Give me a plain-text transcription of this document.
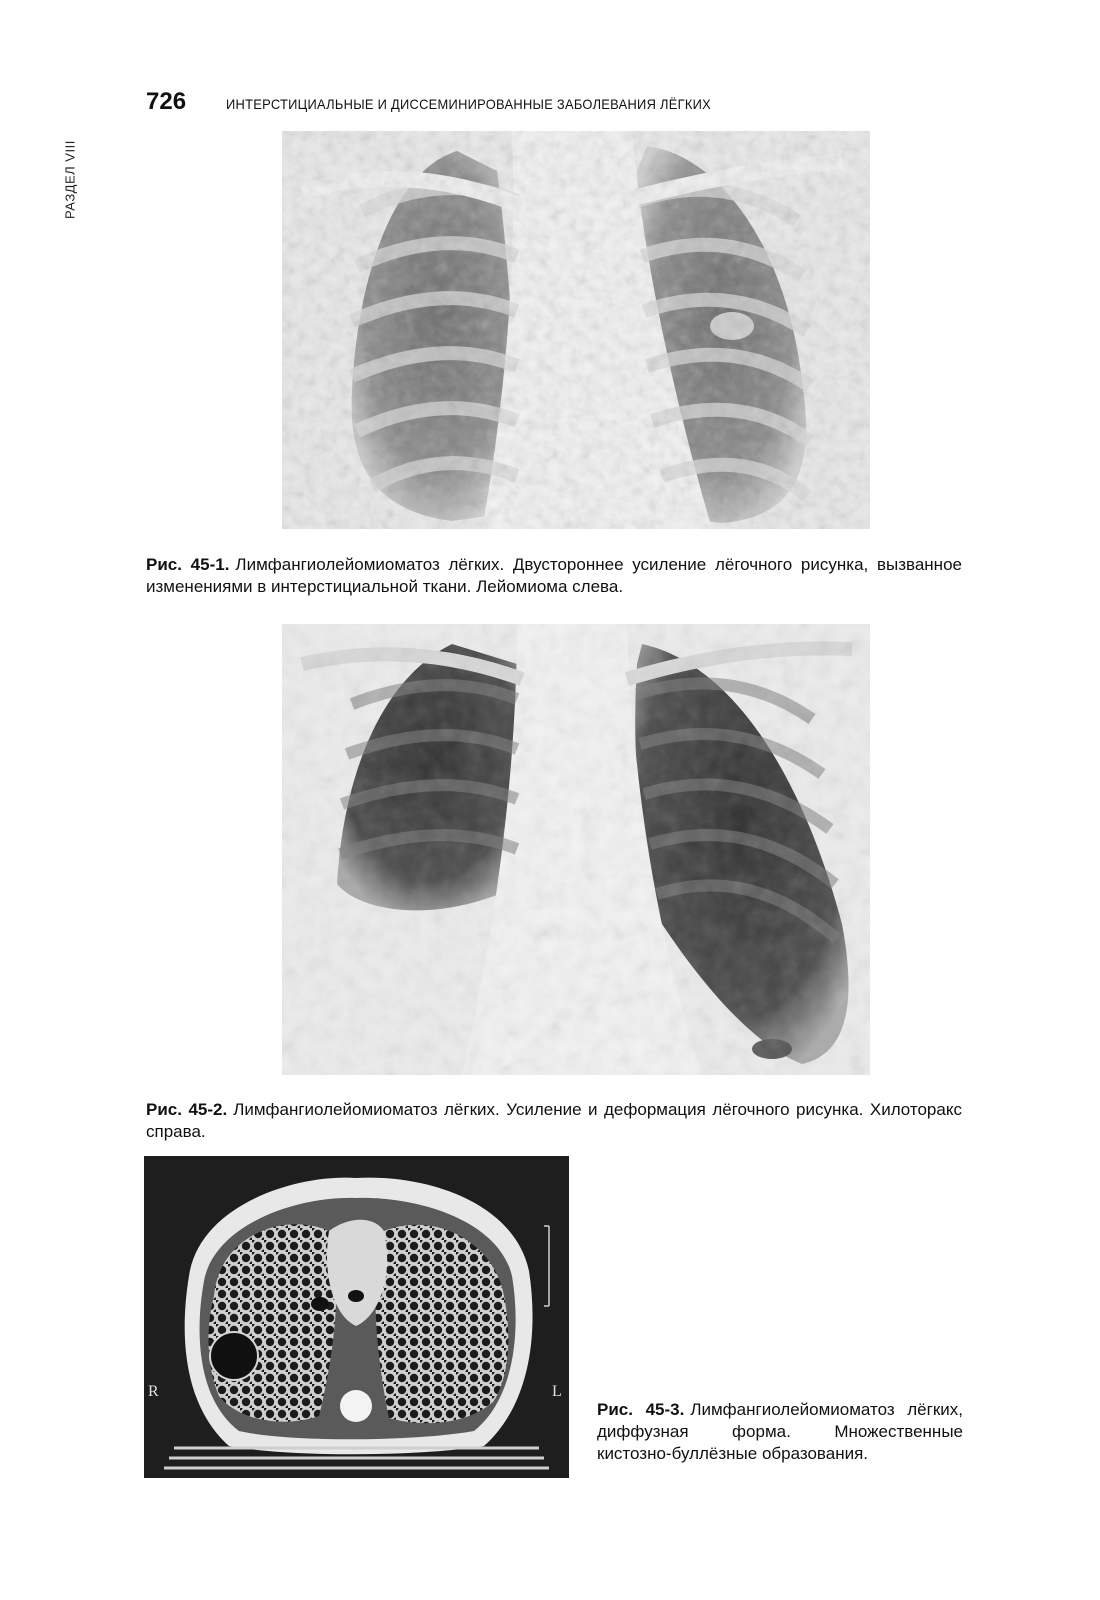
РАЗДЕЛ VIII
726	ИНТЕРСТИЦИАЛЬНЫЕ И ДИССЕМИНИРОВАННЫЕ ЗАБОЛЕВАНИЯ ЛЁГКИХ
Рис. 45-1. Лимфангиолейомиоматоз лёгких. Двустороннее усиление лёгочного рисунка, вызванное изменениями в интерстициальной ткани. Лейомиома слева.
Рис. 45-2. Лимфангиолейомиоматоз лёгких. Усиление и деформация лёгочного рисунка. Хилоторакс справа.
R	L
Рис. 45-3. Лимфангиолейомиоматоз лёгких, диффузная форма. Множественные кистозно-буллёзные образования.
